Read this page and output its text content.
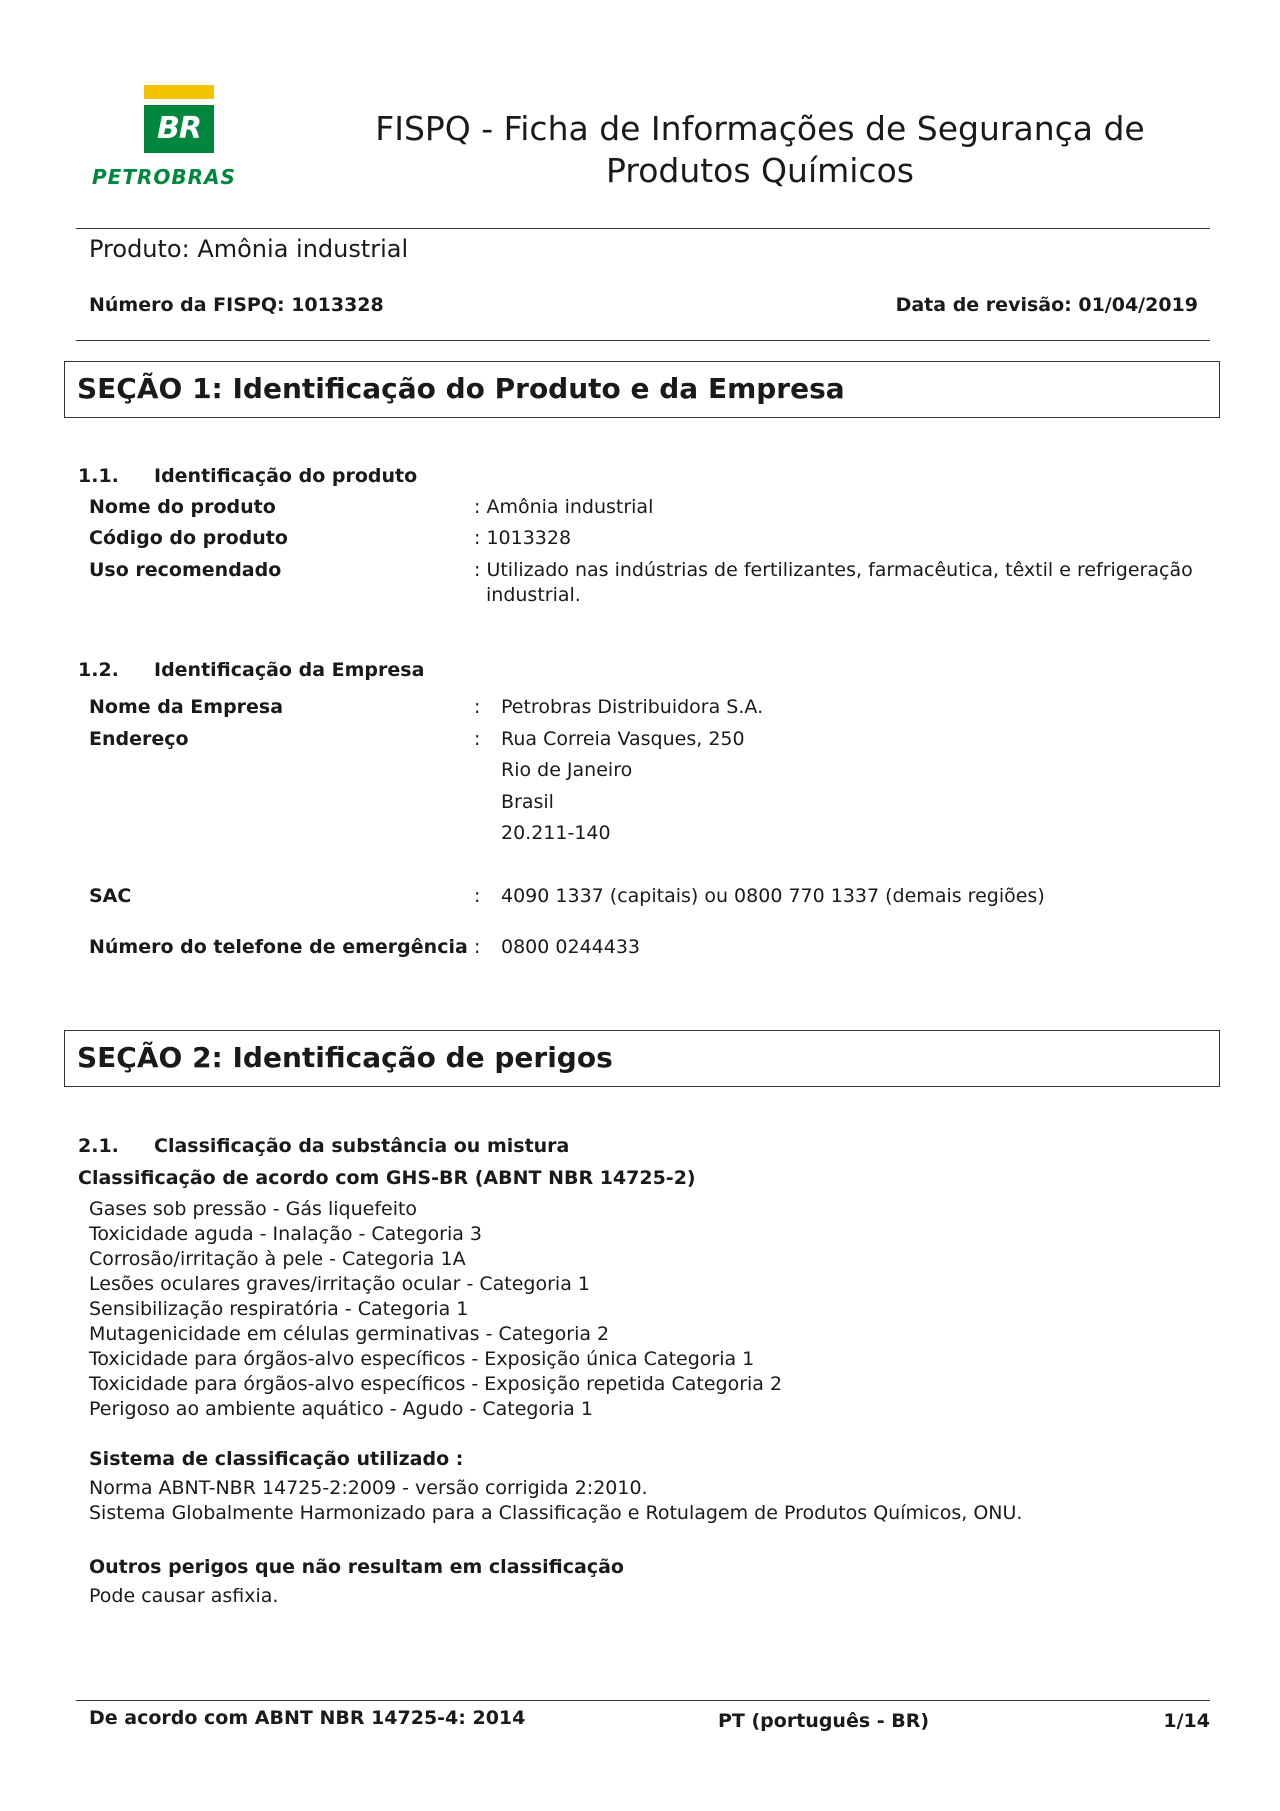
BR
PETROBRAS
FISPQ - Ficha de Informações de Segurança de
Produtos Químicos
Produto: Amônia industrial
Número da FISPQ: 1013328	Data de revisão: 01/04/2019
SEÇÃO 1: Identificação do Produto e da Empresa
1.1. Identificação do produto
Nome do produto	: Amônia industrial
Código do produto	: 1013328
Uso recomendado	: Utilizado nas indústrias de fertilizantes, farmacêutica, têxtil e refrigeração
industrial.
1.2. Identificação da Empresa
Nome da Empresa	: Petrobras Distribuidora S.A.
Endereço	: Rua Correia Vasques, 250
Rio de Janeiro
Brasil
20.211-140
SAC	: 4090 1337 (capitais) ou 0800 770 1337 (demais regiões)
Número do telefone de emergência : 0800 0244433
SEÇÃO 2: Identificação de perigos
2.1. Classificação da substância ou mistura
Classificação de acordo com GHS-BR (ABNT NBR 14725-2)
Gases sob pressão - Gás liquefeito
Toxicidade aguda - Inalação - Categoria 3
Corrosão/irritação à pele - Categoria 1A
Lesões oculares graves/irritação ocular - Categoria 1
Sensibilização respiratória - Categoria 1
Mutagenicidade em células germinativas - Categoria 2
Toxicidade para órgãos-alvo específicos - Exposição única Categoria 1
Toxicidade para órgãos-alvo específicos - Exposição repetida Categoria 2
Perigoso ao ambiente aquático - Agudo - Categoria 1
Sistema de classificação utilizado :
Norma ABNT-NBR 14725-2:2009 - versão corrigida 2:2010.
Sistema Globalmente Harmonizado para a Classificação e Rotulagem de Produtos Químicos, ONU.
Outros perigos que não resultam em classificação
Pode causar asfixia.
De acordo com ABNT NBR 14725-4: 2014	PT (português - BR)	1/14
